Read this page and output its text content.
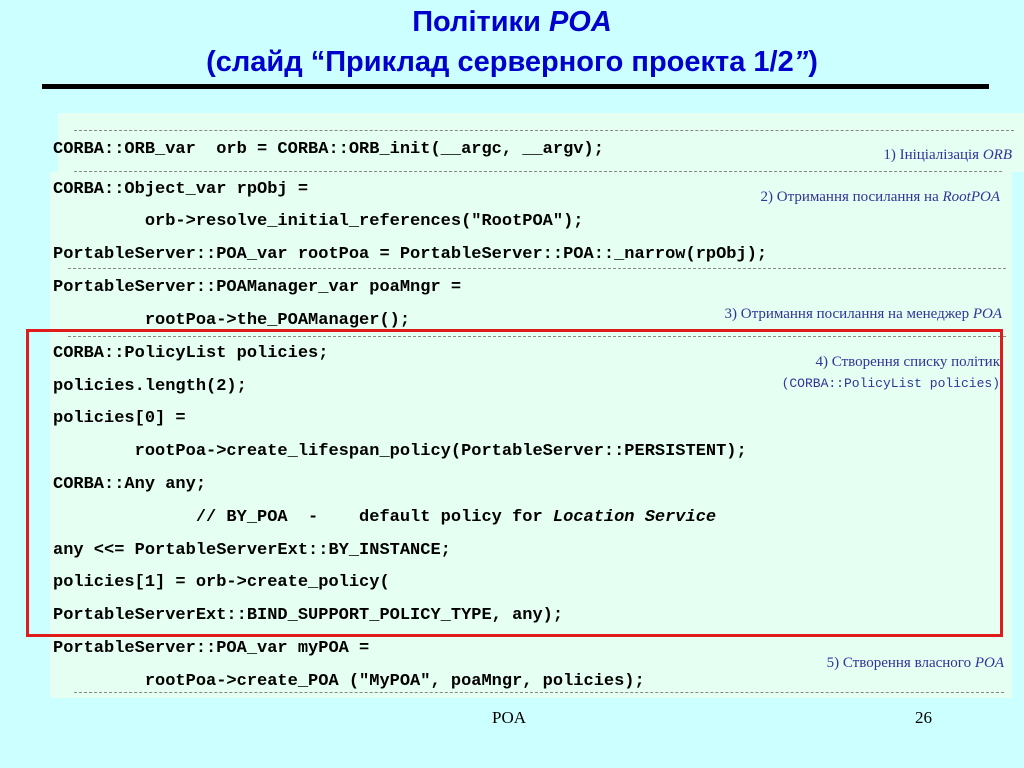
Політики POA
(слайд “Приклад серверного проекта 1/2”)
CORBA::ORB_var  orb = CORBA::ORB_init(__argc, __argv);
CORBA::Object_var rpObj =
orb->resolve_initial_references("RootPOA");
PortableServer::POA_var rootPoa = PortableServer::POA::_narrow(rpObj);
PortableServer::POAManager_var poaMngr =
rootPoa->the_POAManager();
CORBA::PolicyList policies;
policies.length(2);
policies[0] =
rootPoa->create_lifespan_policy(PortableServer::PERSISTENT);
CORBA::Any any;
// BY_POA  -    default policy for Location Service
any <<= PortableServerExt::BY_INSTANCE;
policies[1] = orb->create_policy(
PortableServerExt::BIND_SUPPORT_POLICY_TYPE, any);
PortableServer::POA_var myPOA =
rootPoa->create_POA ("MyPOA", poaMngr, policies);
1) Ініціалізація ORB
2) Отримання посилання на RootPOA
3) Отримання посилання на менеджер POA
4) Створення списку політик
(CORBA::PolicyList policies)
5) Створення власного POA
POA	26
